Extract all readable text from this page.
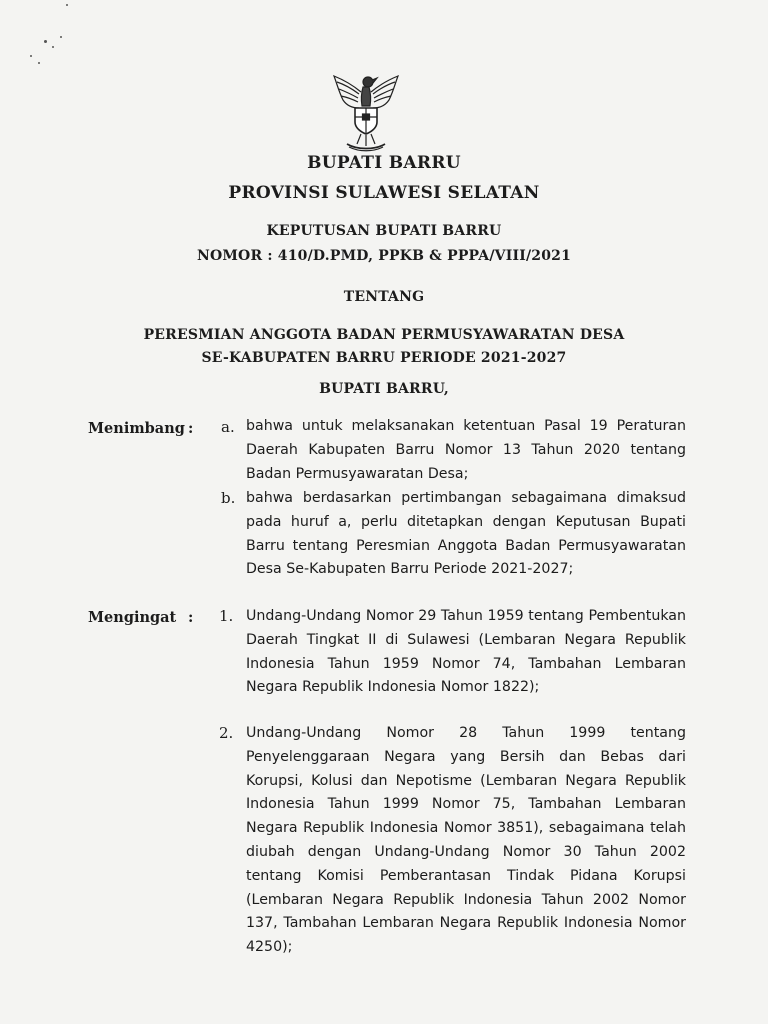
BUPATI BARRU
PROVINSI SULAWESI SELATAN
KEPUTUSAN BUPATI BARRU
NOMOR : 410/D.PMD, PPKB & PPPA/VIII/2021
TENTANG
PERESMIAN ANGGOTA BADAN PERMUSYAWARATAN DESA
SE-KABUPATEN BARRU PERIODE 2021-2027
BUPATI BARRU,
Menimbang : a. bahwa untuk melaksanakan ketentuan Pasal 19 Peraturan Daerah Kabupaten Barru Nomor 13 Tahun 2020 tentang Badan Permusyawaratan Desa;
b. bahwa berdasarkan pertimbangan sebagaimana dimaksud pada huruf a, perlu ditetapkan dengan Keputusan Bupati Barru tentang Peresmian Anggota Badan Permusyawaratan Desa Se-Kabupaten Barru Periode 2021-2027;
Mengingat : 1. Undang-Undang Nomor 29 Tahun 1959 tentang Pembentukan Daerah Tingkat II di Sulawesi (Lembaran Negara Republik Indonesia Tahun 1959 Nomor 74, Tambahan Lembaran Negara Republik Indonesia Nomor 1822);
2. Undang-Undang Nomor 28 Tahun 1999 tentang Penyelenggaraan Negara yang Bersih dan Bebas dari Korupsi, Kolusi dan Nepotisme (Lembaran Negara Republik Indonesia Tahun 1999 Nomor 75, Tambahan Lembaran Negara Republik Indonesia Nomor 3851), sebagaimana telah diubah dengan Undang-Undang Nomor 30 Tahun 2002 tentang Komisi Pemberantasan Tindak Pidana Korupsi (Lembaran Negara Republik Indonesia Tahun 2002 Nomor 137, Tambahan Lembaran Negara Republik Indonesia Nomor 4250);
